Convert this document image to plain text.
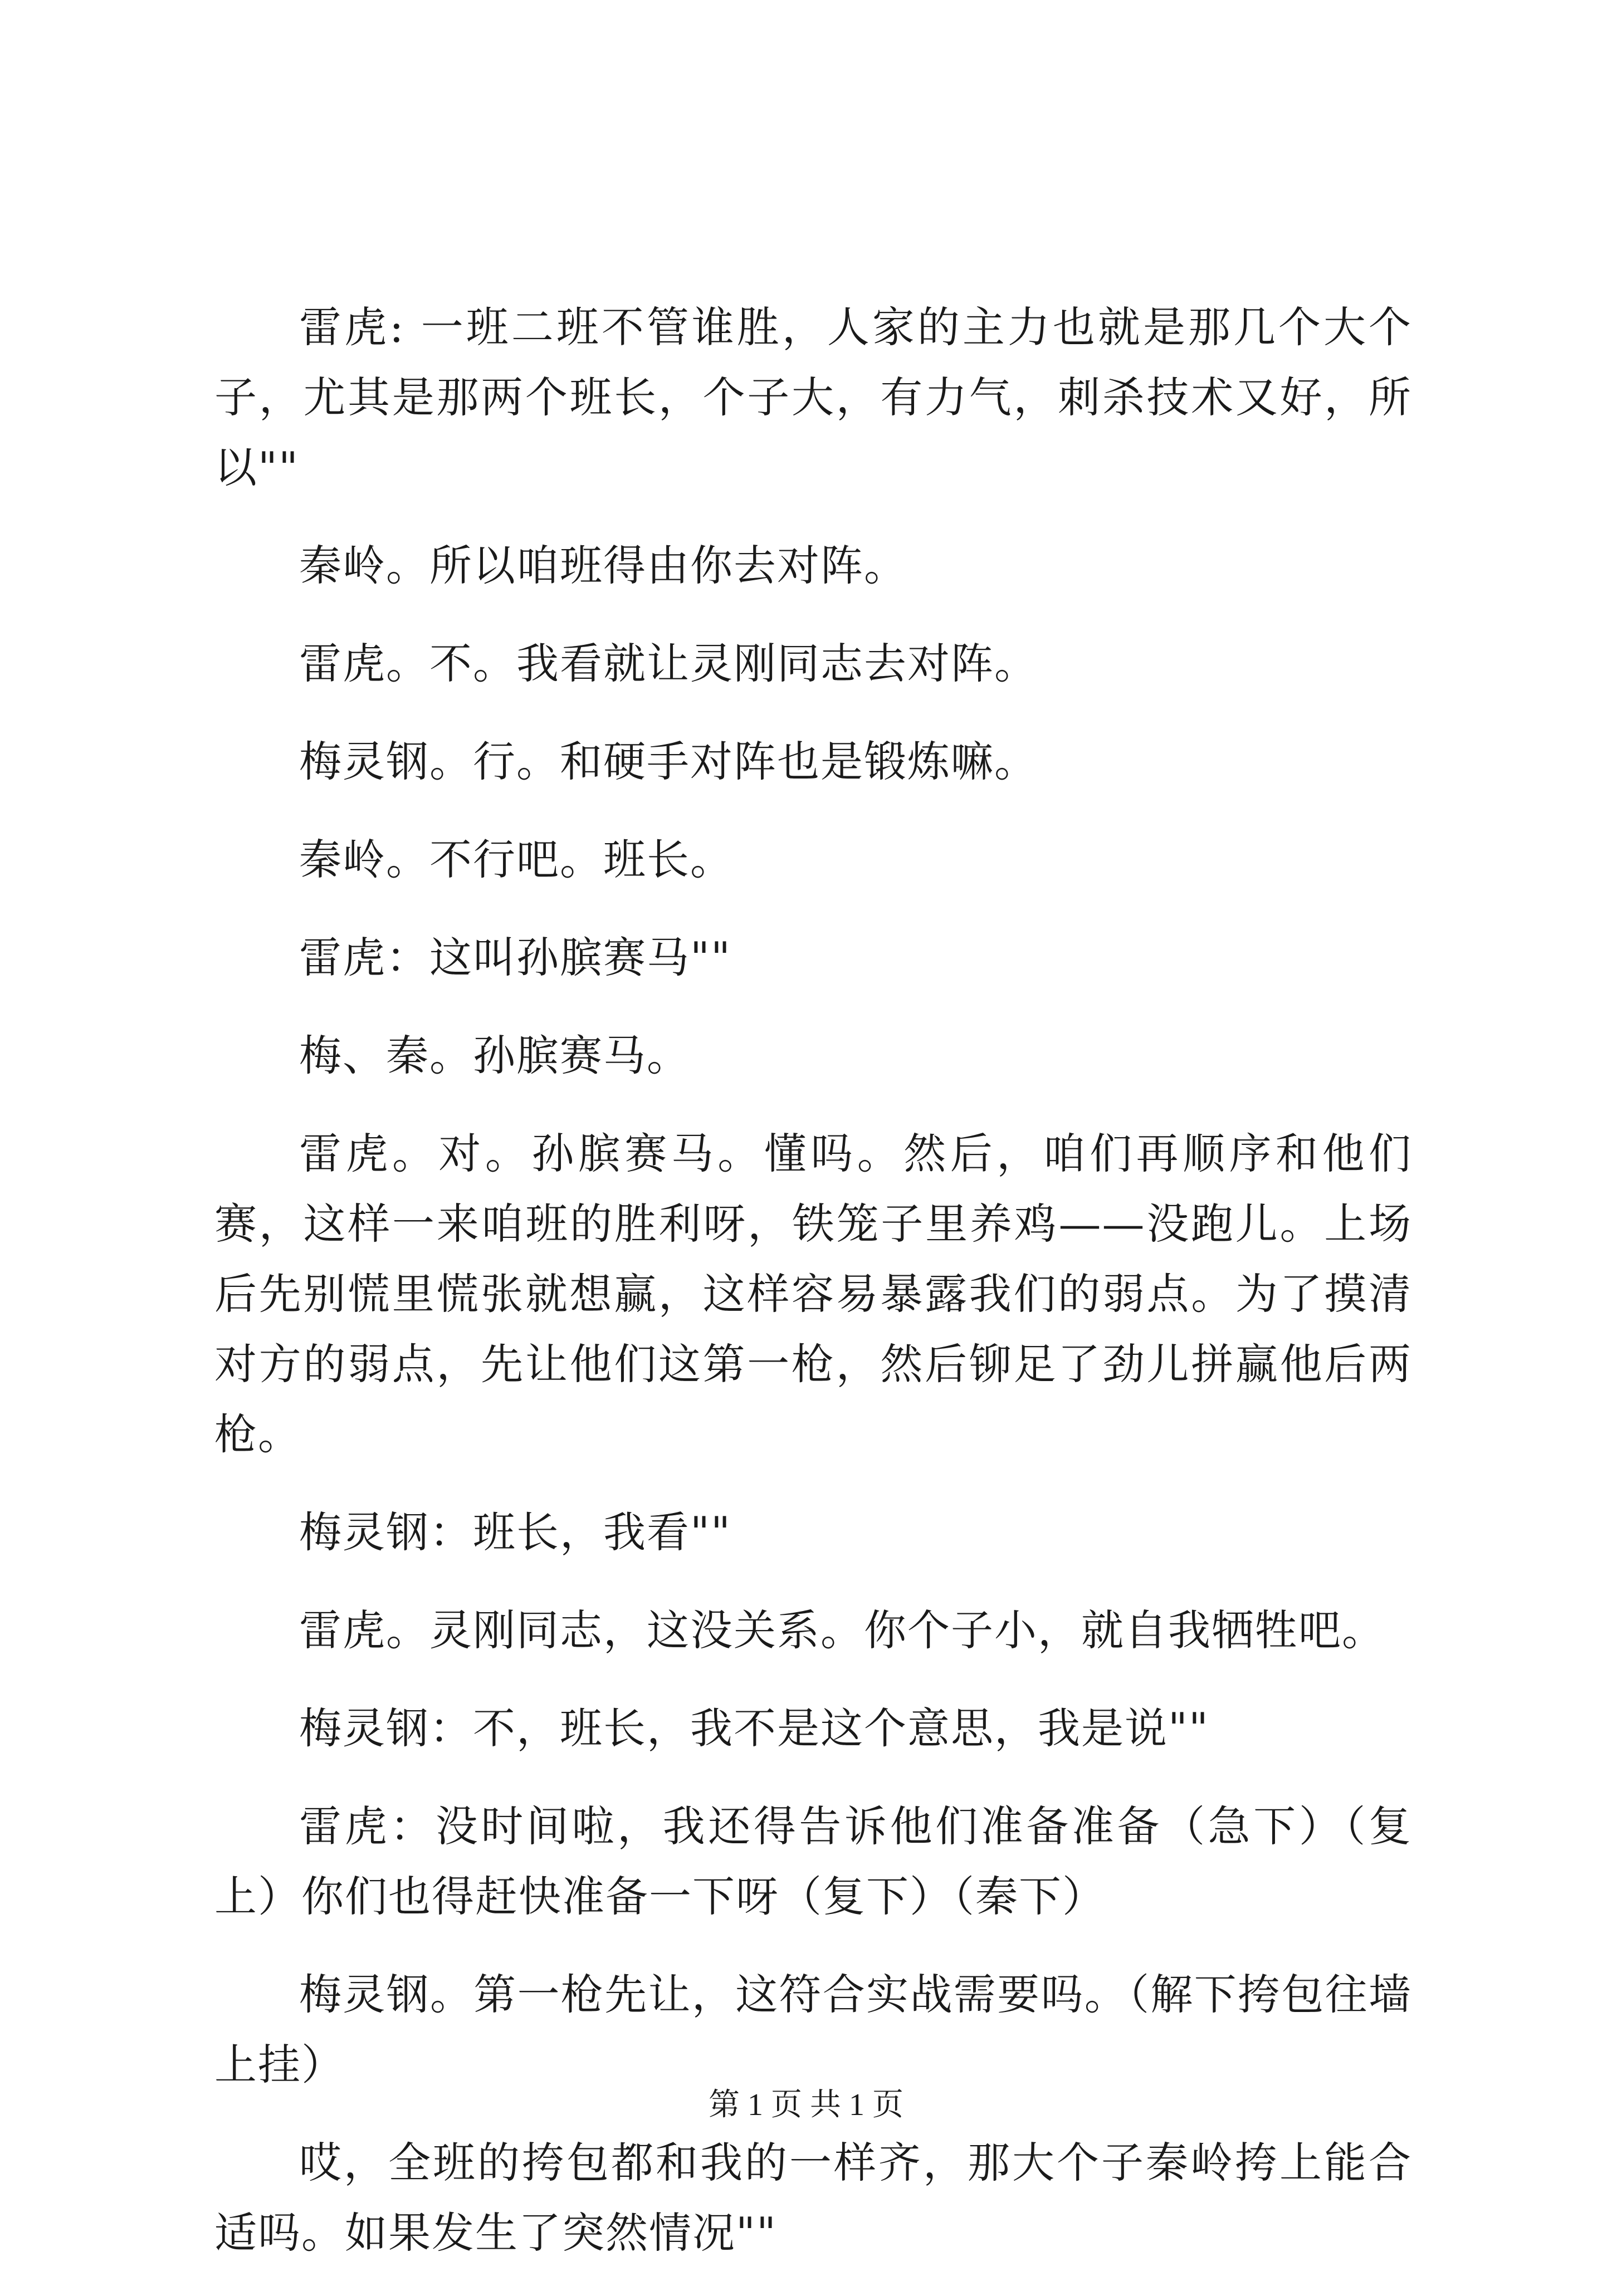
雷虎: 一班二班不管谁胜，人家的主力也就是那几个大个子，尤其是那两个班长，个子大，有力气，刺杀技术又好，所以""

秦岭。所以咱班得由你去对阵。

雷虎。不。我看就让灵刚同志去对阵。

梅灵钢。行。和硬手对阵也是锻炼嘛。

秦岭。不行吧。班长。

雷虎：这叫孙膑赛马""

梅、秦。孙膑赛马。

雷虎。对。孙膑赛马。懂吗。然后，咱们再顺序和他们赛，这样一来咱班的胜利呀，铁笼子里养鸡——没跑儿。上场后先别慌里慌张就想赢，这样容易暴露我们的弱点。为了摸清对方的弱点，先让他们这第一枪，然后铆足了劲儿拼赢他后两枪。

梅灵钢：班长，我看""

雷虎。灵刚同志，这没关系。你个子小，就自我牺牲吧。

梅灵钢：不，班长，我不是这个意思，我是说""

雷虎：没时间啦，我还得告诉他们准备准备（急下）（复上）你们也得赶快准备一下呀（复下）（秦下）

梅灵钢。第一枪先让，这符合实战需要吗。（解下挎包往墙上挂）

哎，全班的挎包都和我的一样齐，那大个子秦岭挎上能合适吗。如果发生了突然情况""

第 1 页 共 1 页
